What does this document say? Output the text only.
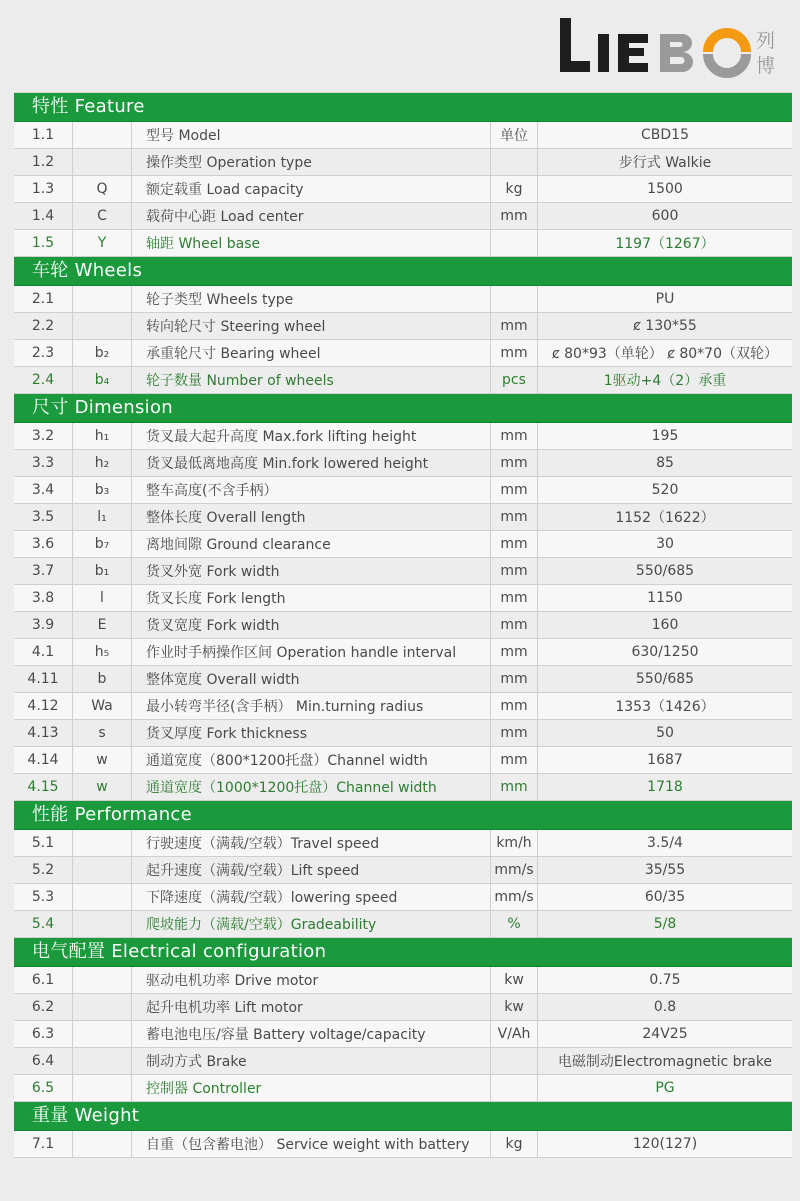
列
博
特性 Feature
1.1		型号 Model	单位	CBD15
1.2		操作类型 Operation type		步行式 Walkie
1.3	Q	额定载重 Load capacity	kg	1500
1.4	C	载荷中心距 Load center	mm	600
1.5	Y	轴距 Wheel base		1197（1267）
车轮 Wheels
2.1		轮子类型 Wheels type		PU
2.2		转向轮尺寸 Steering wheel	mm	ȼ 130*55
2.3	b₂	承重轮尺寸 Bearing wheel	mm	ȼ 80*93（单轮） ȼ 80*70（双轮）
2.4	b₄	轮子数量 Number of wheels	pcs	1驱动+4（2）承重
尺寸 Dimension
3.2	h₁	货叉最大起升高度 Max.fork lifting height	mm	195
3.3	h₂	货叉最低离地高度 Min.fork lowered height	mm	85
3.4	b₃	整车高度(不含手柄）	mm	520
3.5	l₁	整体长度 Overall length	mm	1152（1622）
3.6	b₇	离地间隙 Ground clearance	mm	30
3.7	b₁	货叉外宽 Fork width	mm	550/685
3.8	l	货叉长度 Fork length	mm	1150
3.9	E	货叉宽度 Fork width	mm	160
4.1	h₅	作业时手柄操作区间 Operation handle interval	mm	630/1250
4.11	b	整体宽度 Overall width	mm	550/685
4.12	Wa	最小转弯半径(含手柄） Min.turning radius	mm	1353（1426）
4.13	s	货叉厚度 Fork thickness	mm	50
4.14	w	通道宽度（800*1200托盘）Channel width	mm	1687
4.15	w	通道宽度（1000*1200托盘）Channel width	mm	1718
性能 Performance
5.1		行驶速度（满载/空载）Travel speed	km/h	3.5/4
5.2		起升速度（满载/空载）Lift speed	mm/s	35/55
5.3		下降速度（满载/空载）lowering speed	mm/s	60/35
5.4		爬坡能力（满载/空载）Gradeability	%	5/8
电气配置 Electrical configuration
6.1		驱动电机功率 Drive motor	kw	0.75
6.2		起升电机功率 Lift motor	kw	0.8
6.3		蓄电池电压/容量 Battery voltage/capacity	V/Ah	24V25
6.4		制动方式 Brake		电磁制动Electromagnetic brake
6.5		控制器 Controller		PG
重量 Weight
7.1		自重（包含蓄电池） Service weight with battery	kg	120(127)
